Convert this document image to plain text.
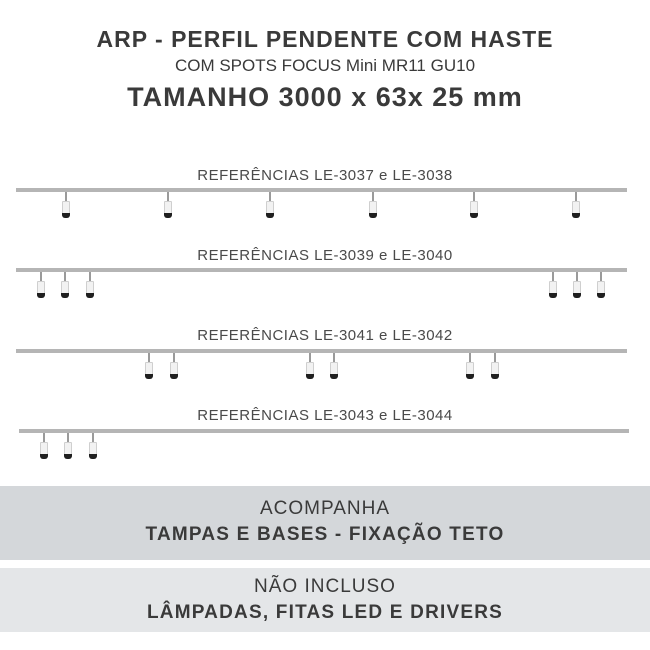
ARP - PERFIL PENDENTE COM HASTE
COM SPOTS FOCUS Mini MR11 GU10
TAMANHO 3000 x 63x 25 mm
REFERÊNCIAS LE-3037 e LE-3038
REFERÊNCIAS LE-3039 e LE-3040
REFERÊNCIAS LE-3041 e LE-3042
REFERÊNCIAS LE-3043 e LE-3044
ACOMPANHA
TAMPAS E BASES - FIXAÇÃO TETO
NÃO INCLUSO
LÂMPADAS, FITAS LED E DRIVERS
